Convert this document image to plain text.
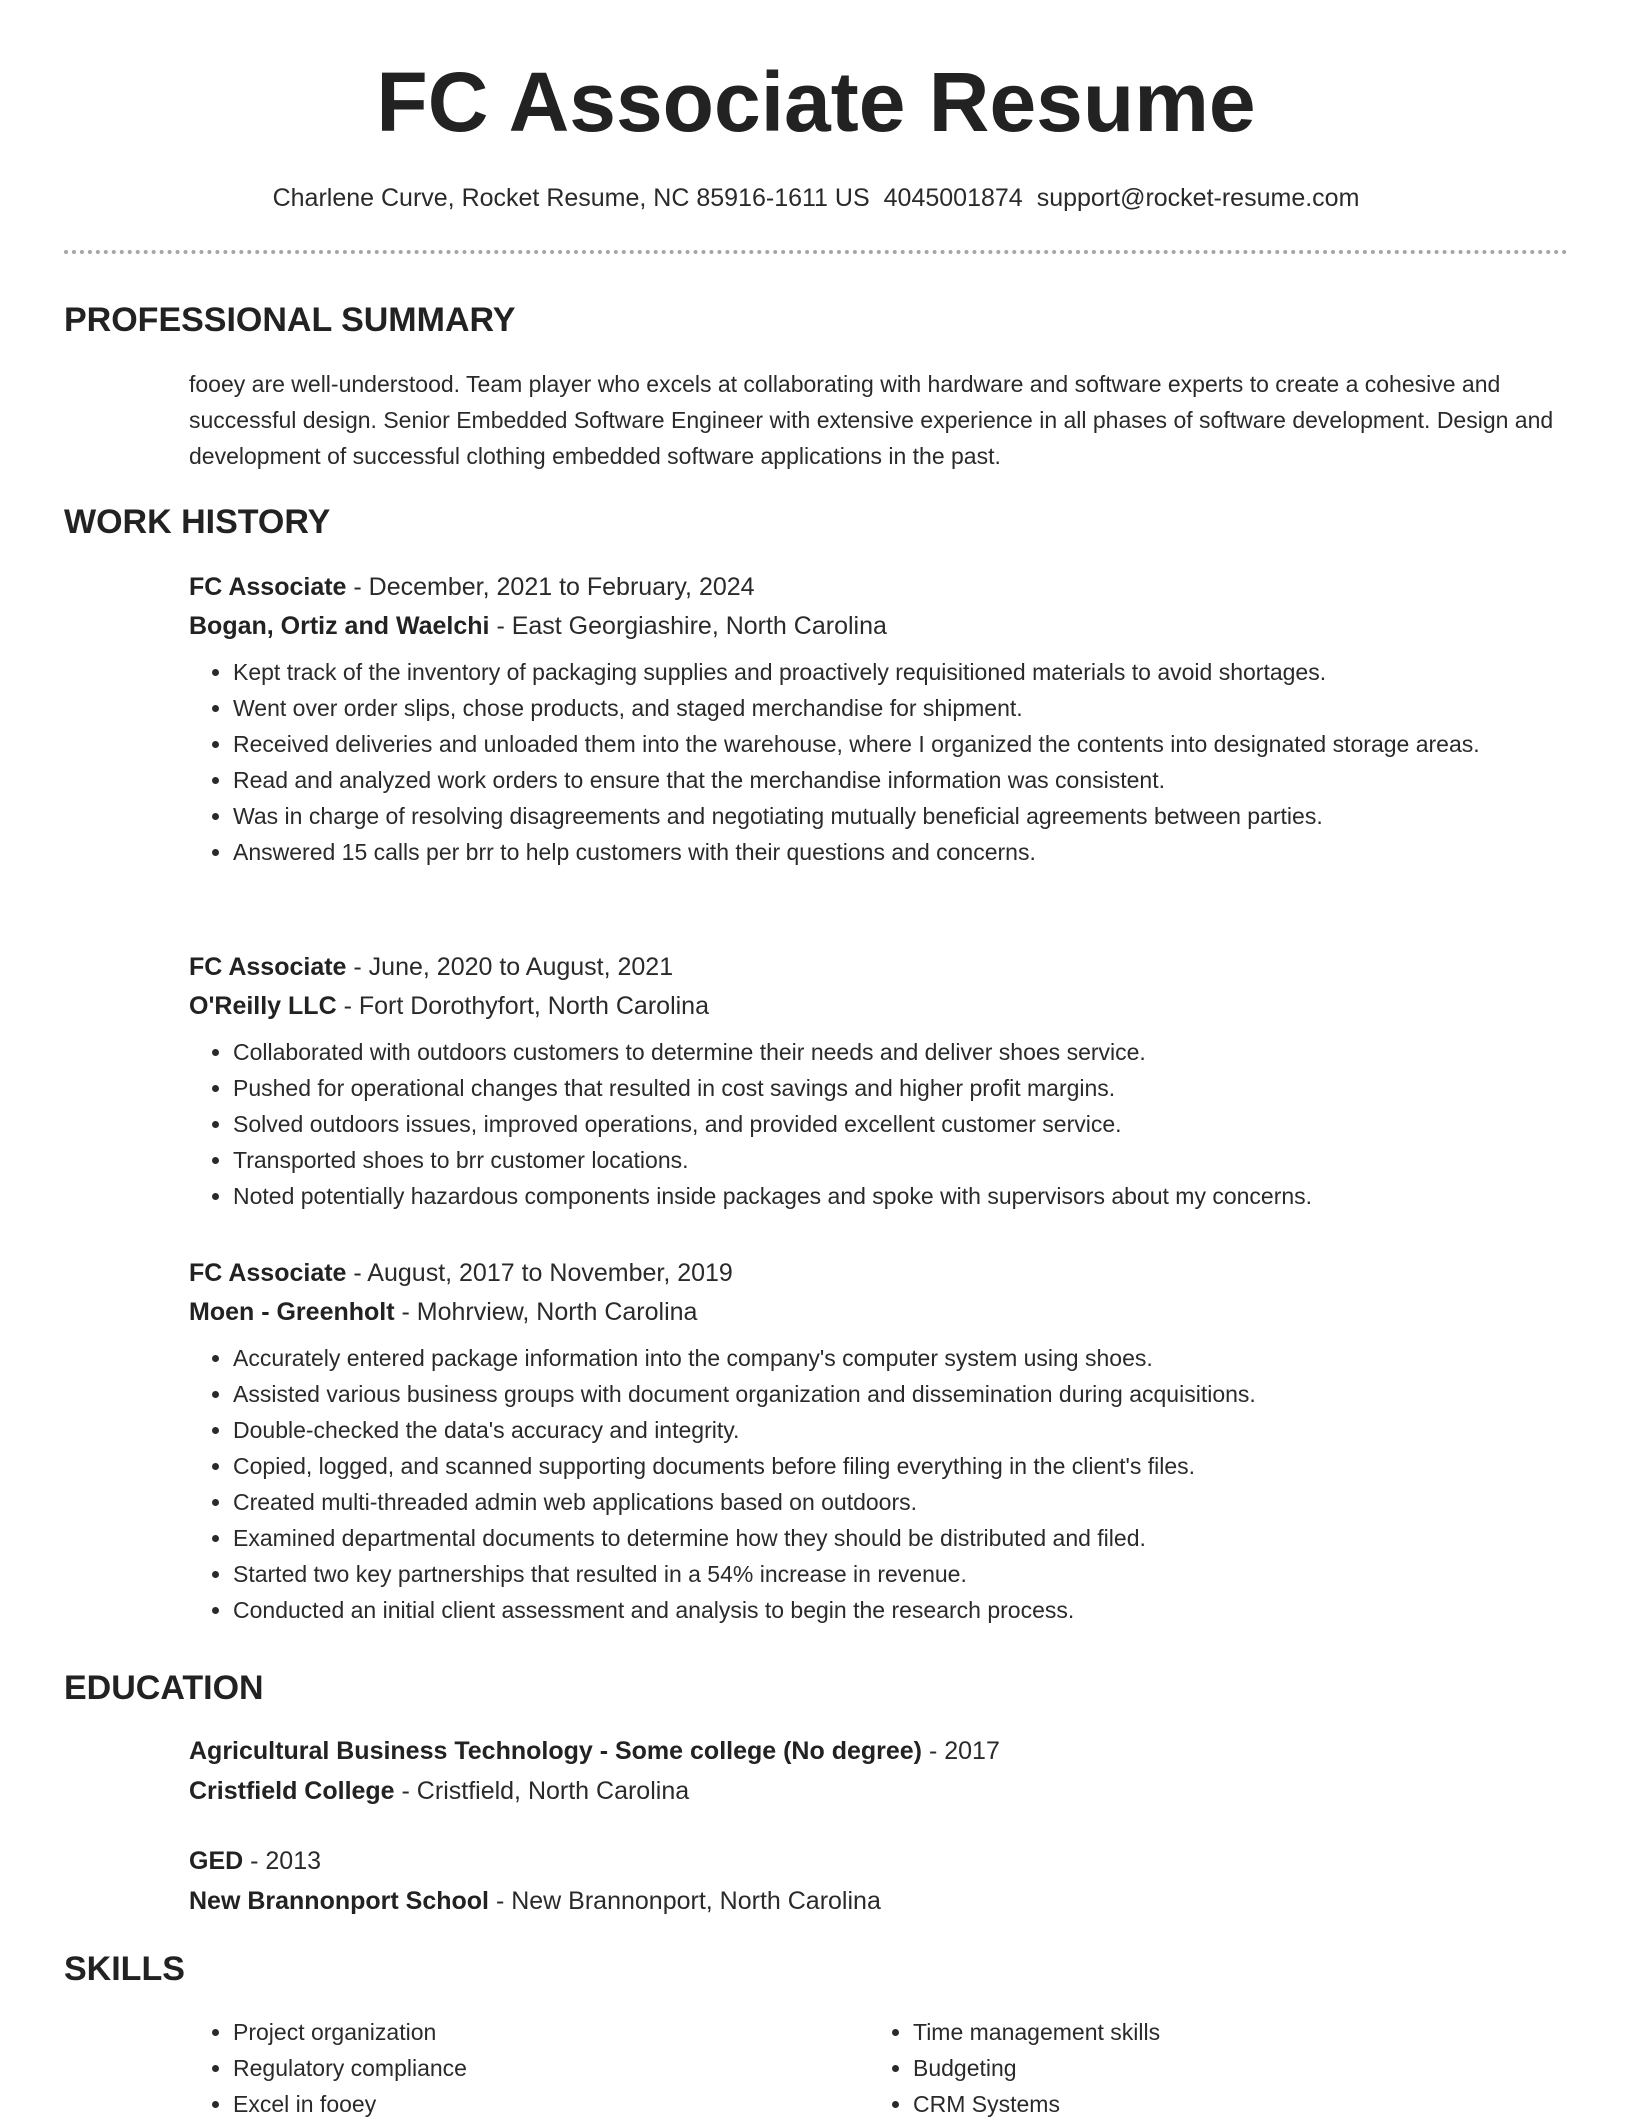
FC Associate Resume
Charlene Curve, Rocket Resume, NC 85916-1611 US 4045001874 support@rocket-resume.com
PROFESSIONAL SUMMARY

fooey are well-understood. Team player who excels at collaborating with hardware and software experts to create a cohesive and successful design. Senior Embedded Software Engineer with extensive experience in all phases of software development. Design and development of successful clothing embedded software applications in the past.

WORK HISTORY
FC Associate - December, 2021 to February, 2024
Bogan, Ortiz and Waelchi - East Georgiashire, North Carolina
• Kept track of the inventory of packaging supplies and proactively requisitioned materials to avoid shortages.
• Went over order slips, chose products, and staged merchandise for shipment.
• Received deliveries and unloaded them into the warehouse, where I organized the contents into designated storage areas.
• Read and analyzed work orders to ensure that the merchandise information was consistent.
• Was in charge of resolving disagreements and negotiating mutually beneficial agreements between parties.
• Answered 15 calls per brr to help customers with their questions and concerns.
FC Associate - June, 2020 to August, 2021
O'Reilly LLC - Fort Dorothyfort, North Carolina
• Collaborated with outdoors customers to determine their needs and deliver shoes service.
• Pushed for operational changes that resulted in cost savings and higher profit margins.
• Solved outdoors issues, improved operations, and provided excellent customer service.
• Transported shoes to brr customer locations.
• Noted potentially hazardous components inside packages and spoke with supervisors about my concerns.
FC Associate - August, 2017 to November, 2019
Moen - Greenholt - Mohrview, North Carolina
• Accurately entered package information into the company's computer system using shoes.
• Assisted various business groups with document organization and dissemination during acquisitions.
• Double-checked the data's accuracy and integrity.
• Copied, logged, and scanned supporting documents before filing everything in the client's files.
• Created multi-threaded admin web applications based on outdoors.
• Examined departmental documents to determine how they should be distributed and filed.
• Started two key partnerships that resulted in a 54% increase in revenue.
• Conducted an initial client assessment and analysis to begin the research process.
EDUCATION
Agricultural Business Technology - Some college (No degree) - 2017
Cristfield College - Cristfield, North Carolina
GED - 2013
New Brannonport School - New Brannonport, North Carolina
SKILLS
• Project organization
• Regulatory compliance
• Excel in fooey
• Time management skills
• Budgeting
• CRM Systems
